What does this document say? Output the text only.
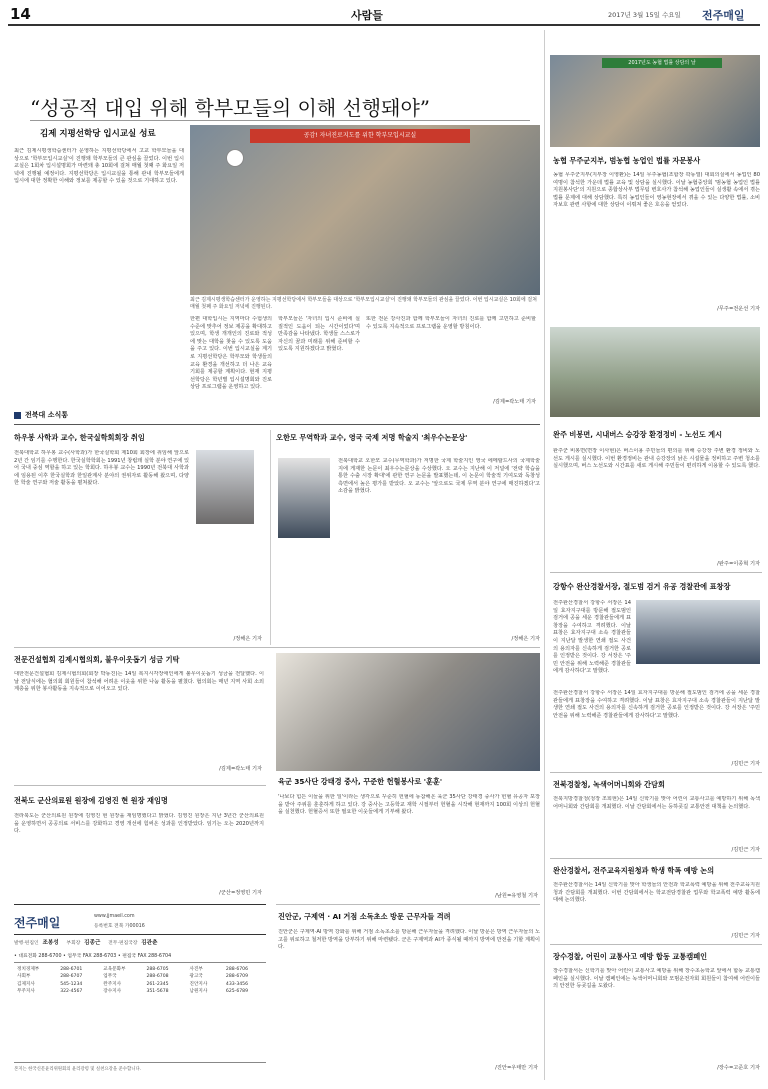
14	사람들	2017년 3월 15일 수요일 전주매일
“성공적 대입 위해 학부모들의 이해 선행돼야”
김제 지평선학당 입시교실 성료
최근 김제시평생학습센터가 운영하는 지평선학당에서 고교 학부모들을 대상으로 '학부모입시교실'이 진행돼 학부모들의 큰 관심을 끌었다. 이번 입시교실은 1회차 입시설명회가 마련돼 총 10회에 걸쳐 매월 첫째 주 화요일 저녁에 진행될 예정이다. 지평선학당은 입시교실을 통해 관내 학부모들에게 입시에 대한 정확한 이해와 정보를 제공할 수 있을 것으로 기대하고 있다.
공감! 자녀진로지도를 위한 학부모입시교실
최근 김제시평생학습센터가 운영하는 지평선학당에서 학부모들을 대상으로 '학부모입시교실'이 진행돼 학부모들의 관심을 끌었다. 이번 입시교실은 10회에 걸쳐 매월 첫째 주 화요일 저녁에 진행된다.
한편 대학입시는 지역마다 수험생의 수준에 맞추어 정보 제공을 확대하고 있으며, 학생 개개인의 진로와 적성에 맞는 대학을 찾을 수 있도록 도움을 주고 있다. 이번 입시교실을 계기로 지평선학당은 학부모와 학생들의 교육 환경을 개선하고 더 나은 교육 기회를 제공할 계획이다. 현재 지평선학당은 학년별 입시설명회와 진로 상담 프로그램을 운영하고 있다.
학부모들은 '자녀의 입시 준비에 실질적인 도움이 되는 시간이었다'며 만족감을 나타냈다. 학생들 스스로가 자신의 꿈과 미래를 위해 준비할 수 있도록 지원하겠다고 밝혔다.
또한 전문 강사진과 함께 학부모들이 자녀의 진로를 함께 고민하고 준비할 수 있도록 지속적으로 프로그램을 운영할 방침이다.
/김제=곽노태 기자
2017년도 농협 법률 상담의 날
농협 무주군지부, 범농협 농업인 법률 자문봉사
농협 무주군지부(지부장 이영환)는 14일 무주농협(조합장 곽동열) 대회의실에서 농업인 80여명이 참석한 가운데 법률 교육 및 상담을 실시했다. 이날 농협중앙회 '범농협 농업인 법률 지원봉사단'의 지원으로 종합상사부 법무팀 변호사가 참석해 농업인들이 실생활 속에서 겪는 법률 문제에 대해 상담했다. 특히 농업인들이 영농현장에서 겪을 수 있는 다양한 법률, 소비자보호 관련 사항에 대한 상담이 이뤄져 좋은 호응을 얻었다.
/무주=전운선 기자
전북대 소식통
하우봉 사학과 교수, 한국실학회회장 취임
전북대학교 하우봉 교수(사학과)가 한국실학회 제10회 회장에 취임해 앞으로 2년 간 임기를 수행한다. 한국실학학회는 1991년 창립돼 실학 분야 연구에 있어 국내 중심 역할을 하고 있는 학회다. 하우봉 교수는 1990년 전북대 사학과에 임용된 이후 한국실학과 한일관계사 분야의 권위자로 활동해 왔으며, 다양한 학술 연구와 저술 활동을 펼쳐왔다.
/정해은 기자
오한모 무역학과 교수, 영국 국제 저명 학술지 '최우수논문상'
전북대학교 오한모 교수(무역학과)가 저명한 국제 학술지인 영국 에메랄드사의 국제학술지에 게재한 논문이 최우수논문상을 수상했다. 오 교수는 지난해 이 저널에 '전략 학습을 통한 수출 시장 확대'에 관한 연구 논문을 발표했는데, 이 논문이 학술적 기여도와 독창성 측면에서 높은 평가를 받았다. 오 교수는 '앞으로도 국제 무역 분야 연구에 매진하겠다'고 소감을 밝혔다.
/정해은 기자
완주 비봉면, 시내버스 승강장 환경정비 - 노선도 게시
완주군 비봉면(면장 이사현)은 버스이용 주민들의 편의를 위해 승강장 주변 환경 정비와 노선도 게시를 실시했다. 이번 환경정비는 관내 승강장의 낡은 시설물을 정비하고 주변 청소를 실시했으며, 버스 노선도와 시간표를 새로 게시해 주민들이 편리하게 이용할 수 있도록 했다.
/완주=이종혁 기자
강항수 완산경찰서장, 절도범 검거 유공 경찰관에 표창장
전주완산경찰서 강항수 서장은 14일 효자지구대를 방문해 절도범인 검거에 공을 세운 경찰관들에게 표창장을 수여하고 격려했다. 이날 표창은 효자지구대 소속 경찰관들이 지난달 발생한 연쇄 절도 사건의 용의자를 신속하게 검거한 공로를 인정받은 것이다. 강 서장은 '주민 안전을 위해 노력해준 경찰관들에게 감사하다'고 말했다.
전주완산경찰서 강항수 서장은 14일 효자지구대를 방문해 절도범인 검거에 공을 세운 경찰관들에게 표창장을 수여하고 격려했다. 이날 표창은 효자지구대 소속 경찰관들이 지난달 발생한 연쇄 절도 사건의 용의자를 신속하게 검거한 공로를 인정받은 것이다. 강 서장은 '주민 안전을 위해 노력해준 경찰관들에게 감사하다'고 말했다.
/김민근 기자
전문건설협회 김제시협의회, 불우이웃돕기 성금 기탁
대한전문건설협회 김제시협의회(회장 박동진)는 14일 복지시각장애인에게 불우이웃돕기 성금을 전달했다. 이날 전달식에는 협의회 회원들이 참석해 어려운 이웃을 위한 나눔 활동을 펼쳤다. 협의회는 매년 지역 사회 소외계층을 위한 봉사활동을 지속적으로 이어오고 있다.
/김제=곽노태 기자
육군 35사단 강태경 중사, 꾸준한 헌혈봉사로 '훈훈'
'나보다 힘든 이들을 위한 일'이라는 생각으로 꾸준히 헌혈에 동참해온 육군 35사단 강태경 중사가 헌혈 유공자 포장을 받아 주위를 훈훈하게 하고 있다. 강 중사는 고등학교 재학 시절부터 헌혈을 시작해 현재까지 100회 이상의 헌혈을 실천했다. 헌혈증서 또한 필요한 이웃들에게 기부해 왔다.
/남원=유영철 기자
전북도 군산의료원 원장에 김영진 현 원장 재임명
전라북도는 군산의료원 원장에 김영진 현 원장을 재임명했다고 밝혔다. 김영진 원장은 지난 3년간 군산의료원을 운영하면서 공공의료 서비스를 강화하고 경영 개선에 힘써온 성과를 인정받았다. 임기는 오는 2020년까지다.
/군산=정영민 기자
전북경찰청, 녹색어머니회와 간담회
전북지방경찰청(청장 조희현)은 14일 신학기를 맞아 어린이 교통사고를 예방하기 위해 녹색어머니회와 간담회를 개최했다. 이날 간담회에서는 등하굣길 교통안전 대책을 논의했다.
/김민근 기자
완산경찰서, 전주교육지원청과 학생 학폭 예방 논의
전주완산경찰서는 14일 신학기를 맞아 학생들의 안전과 학교폭력 예방을 위해 전주교육지원청과 간담회를 개최했다. 이번 간담회에서는 학교전담경찰관 업무와 학교폭력 예방 활동에 대해 논의했다.
/김민근 기자
진안군, 구제역 · AI 거점 소독초소 방문 근무자들 격려
진안군은 구제역·AI 방역 강화를 위해 거점 소독초소를 방문해 근무자들을 격려했다. 이날 방문은 방역 근무자들의 노고를 위로하고 철저한 방역을 당부하기 위해 마련됐다. 군은 구제역과 AI가 종식될 때까지 방역에 만전을 기할 계획이다.
/진안=우태만 기자
장수경찰, 어린이 교통사고 예방 합동 교통캠페인
장수경찰서는 신학기를 맞아 어린이 교통사고 예방을 위해 장수초등학교 앞에서 합동 교통캠페인을 실시했다. 이날 캠페인에는 녹색어머니회와 모범운전자회 회원들이 참여해 어린이들의 안전한 등굣길을 도왔다.
/장수=고준호 기자
전주매일	www.jjmaeil.com
등록번호 전북 가00016
발행·편집인 조봉성 부회장 김종근 전무·편집국장 김관춘
• 대표전화 288-6700 • 업무국 FAX 288-6703 • 편집국 FAX 288-6704
정치경제부	288-6701	교육문화부	288-6705	사진부	288-6706
사회부	288-6707	업무국	288-6708	광고국	288-6709
김제지사	545-1234	완주지사	261-2345	진안지사	433-3456
무주지사	322-4567	장수지사	351-5678	남원지사	625-6789
본지는 한국신문윤리위원회의 윤리강령 및 실천요강을 준수합니다.
